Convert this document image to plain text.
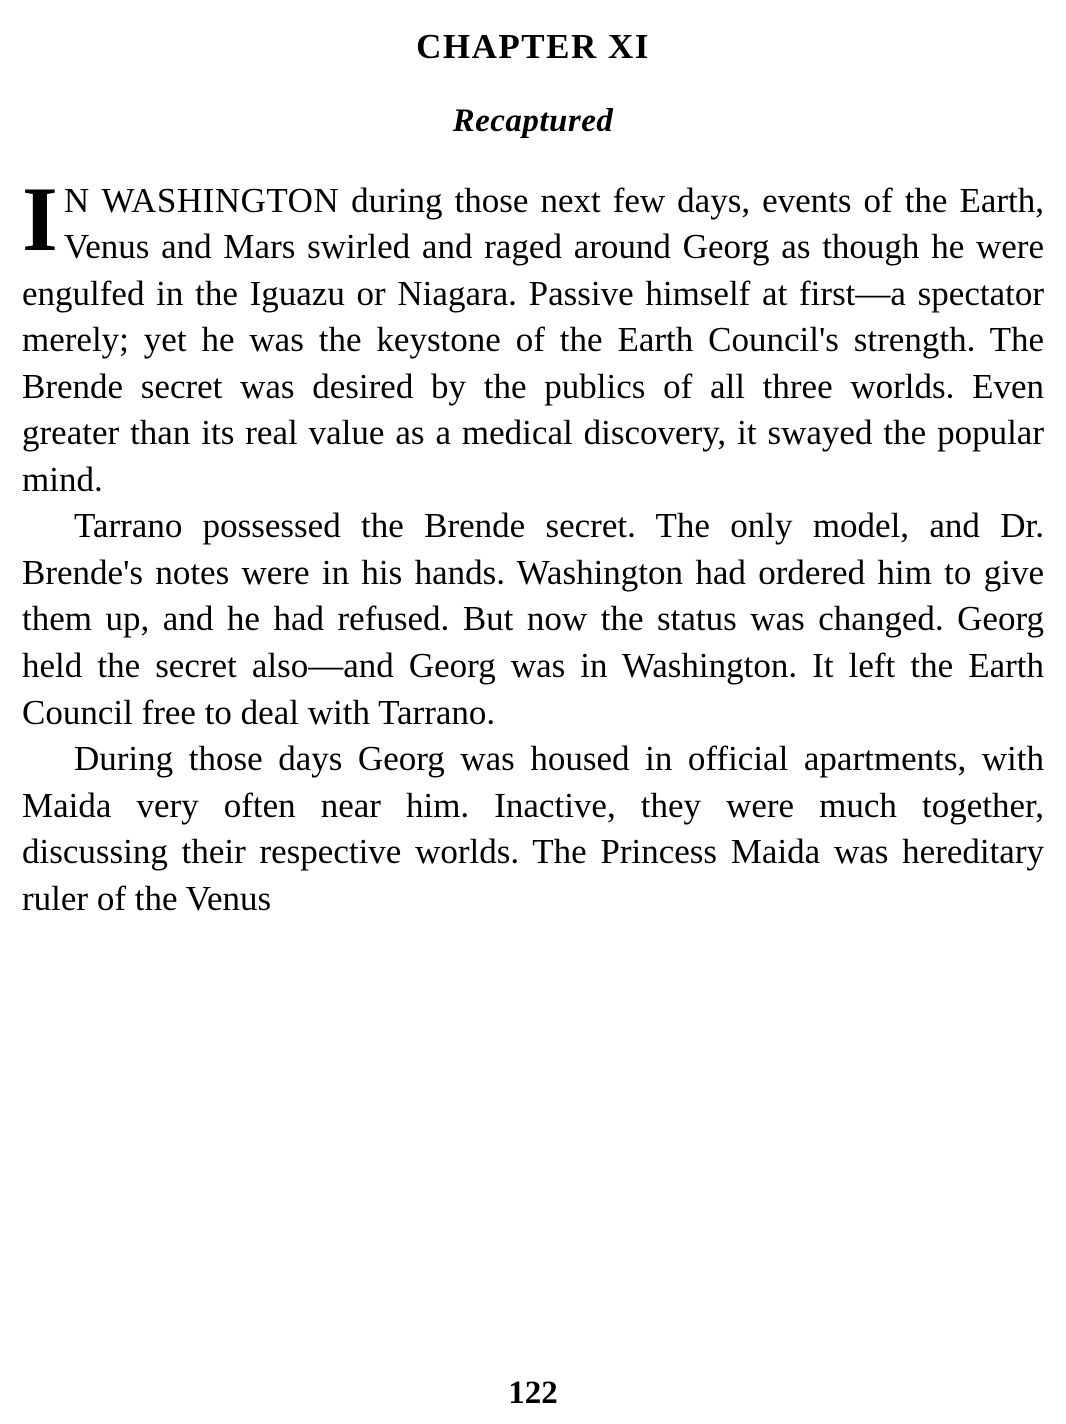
CHAPTER XI
Recaptured

I N WASHINGTON during those next few days, events of the Earth, Venus and Mars swirled and raged around Georg as though he were engulfed in the Iguazu or Niagara. Passive himself at first—a spectator merely; yet he was the keystone of the Earth Council's strength. The Brende secret was desired by the publics of all three worlds. Even greater than its real value as a medical discovery, it swayed the popular mind.

Tarrano possessed the Brende secret. The only model, and Dr. Brende's notes were in his hands. Washington had ordered him to give them up, and he had refused. But now the status was changed. Georg held the secret also—and Georg was in Washington. It left the Earth Council free to deal with Tarrano.

During those days Georg was housed in official apartments, with Maida very often near him. Inactive, they were much together, discussing their respective worlds. The Princess Maida was hereditary ruler of the Venus

122
